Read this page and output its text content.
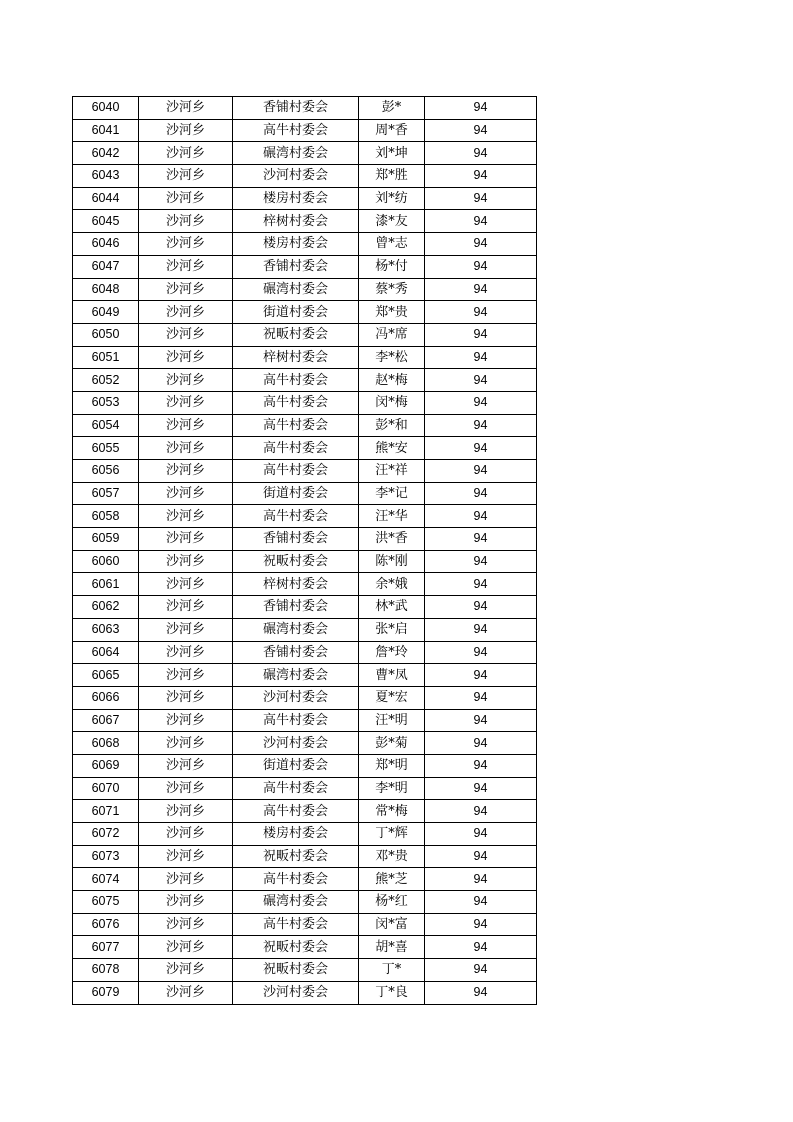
6040	沙河乡	香铺村委会	彭*	94
6041	沙河乡	高牛村委会	周*香	94
6042	沙河乡	碾湾村委会	刘*坤	94
6043	沙河乡	沙河村委会	郑*胜	94
6044	沙河乡	楼房村委会	刘*纺	94
6045	沙河乡	梓树村委会	漆*友	94
6046	沙河乡	楼房村委会	曾*志	94
6047	沙河乡	香铺村委会	杨*付	94
6048	沙河乡	碾湾村委会	蔡*秀	94
6049	沙河乡	街道村委会	郑*贵	94
6050	沙河乡	祝畈村委会	冯*席	94
6051	沙河乡	梓树村委会	李*松	94
6052	沙河乡	高牛村委会	赵*梅	94
6053	沙河乡	高牛村委会	闵*梅	94
6054	沙河乡	高牛村委会	彭*和	94
6055	沙河乡	高牛村委会	熊*安	94
6056	沙河乡	高牛村委会	汪*祥	94
6057	沙河乡	街道村委会	李*记	94
6058	沙河乡	高牛村委会	汪*华	94
6059	沙河乡	香铺村委会	洪*香	94
6060	沙河乡	祝畈村委会	陈*刚	94
6061	沙河乡	梓树村委会	余*娥	94
6062	沙河乡	香铺村委会	林*武	94
6063	沙河乡	碾湾村委会	张*启	94
6064	沙河乡	香铺村委会	詹*玲	94
6065	沙河乡	碾湾村委会	曹*凤	94
6066	沙河乡	沙河村委会	夏*宏	94
6067	沙河乡	高牛村委会	汪*明	94
6068	沙河乡	沙河村委会	彭*菊	94
6069	沙河乡	街道村委会	郑*明	94
6070	沙河乡	高牛村委会	李*明	94
6071	沙河乡	高牛村委会	常*梅	94
6072	沙河乡	楼房村委会	丁*辉	94
6073	沙河乡	祝畈村委会	邓*贵	94
6074	沙河乡	高牛村委会	熊*芝	94
6075	沙河乡	碾湾村委会	杨*红	94
6076	沙河乡	高牛村委会	闵*富	94
6077	沙河乡	祝畈村委会	胡*喜	94
6078	沙河乡	祝畈村委会	丁*	94
6079	沙河乡	沙河村委会	丁*良	94
